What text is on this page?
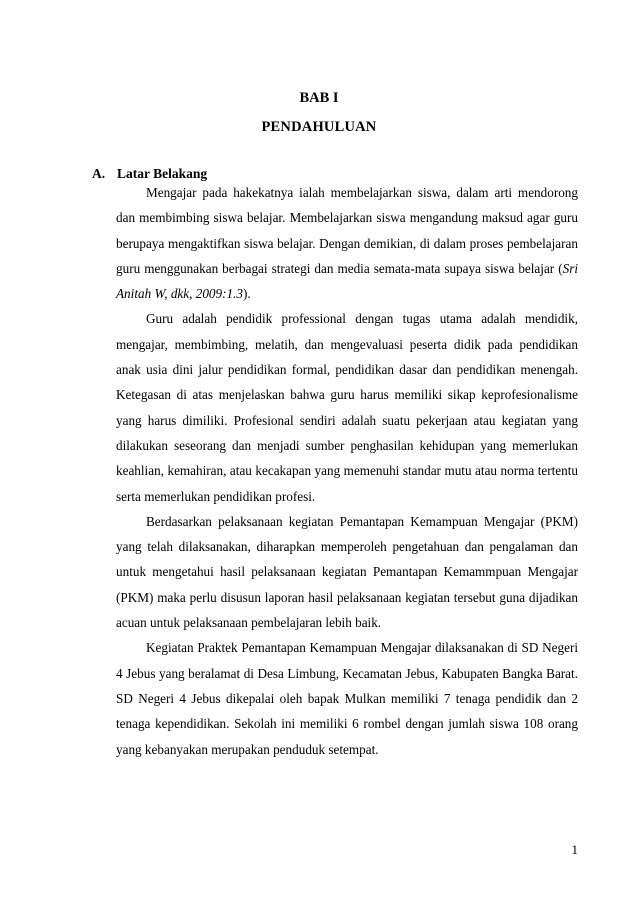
BAB I
PENDAHULUAN
A. Latar Belakang

Mengajar pada hakekatnya ialah membelajarkan siswa, dalam arti mendorong dan membimbing siswa belajar. Membelajarkan siswa mengandung maksud agar guru berupaya mengaktifkan siswa belajar. Dengan demikian, di dalam proses pembelajaran guru menggunakan berbagai strategi dan media semata-mata supaya siswa belajar (Sri Anitah W, dkk, 2009:1.3).

Guru adalah pendidik professional dengan tugas utama adalah mendidik, mengajar, membimbing, melatih, dan mengevaluasi peserta didik pada pendidikan anak usia dini jalur pendidikan formal, pendidikan dasar dan pendidikan menengah. Ketegasan di atas menjelaskan bahwa guru harus memiliki sikap keprofesionalisme yang harus dimiliki. Profesional sendiri adalah suatu pekerjaan atau kegiatan yang dilakukan seseorang dan menjadi sumber penghasilan kehidupan yang memerlukan keahlian, kemahiran, atau kecakapan yang memenuhi standar mutu atau norma tertentu serta memerlukan pendidikan profesi.

Berdasarkan pelaksanaan kegiatan Pemantapan Kemampuan Mengajar (PKM) yang telah dilaksanakan, diharapkan memperoleh pengetahuan dan pengalaman dan untuk mengetahui hasil pelaksanaan kegiatan Pemantapan Kemammpuan Mengajar (PKM) maka perlu disusun laporan hasil pelaksanaan kegiatan tersebut guna dijadikan acuan untuk pelaksanaan pembelajaran lebih baik.

Kegiatan Praktek Pemantapan Kemampuan Mengajar dilaksanakan di SD Negeri 4 Jebus yang beralamat di Desa Limbung, Kecamatan Jebus, Kabupaten Bangka Barat. SD Negeri 4 Jebus dikepalai oleh bapak Mulkan memiliki 7 tenaga pendidik dan 2 tenaga kependidikan. Sekolah ini memiliki 6 rombel dengan jumlah siswa 108 orang yang kebanyakan merupakan penduduk setempat.

1
